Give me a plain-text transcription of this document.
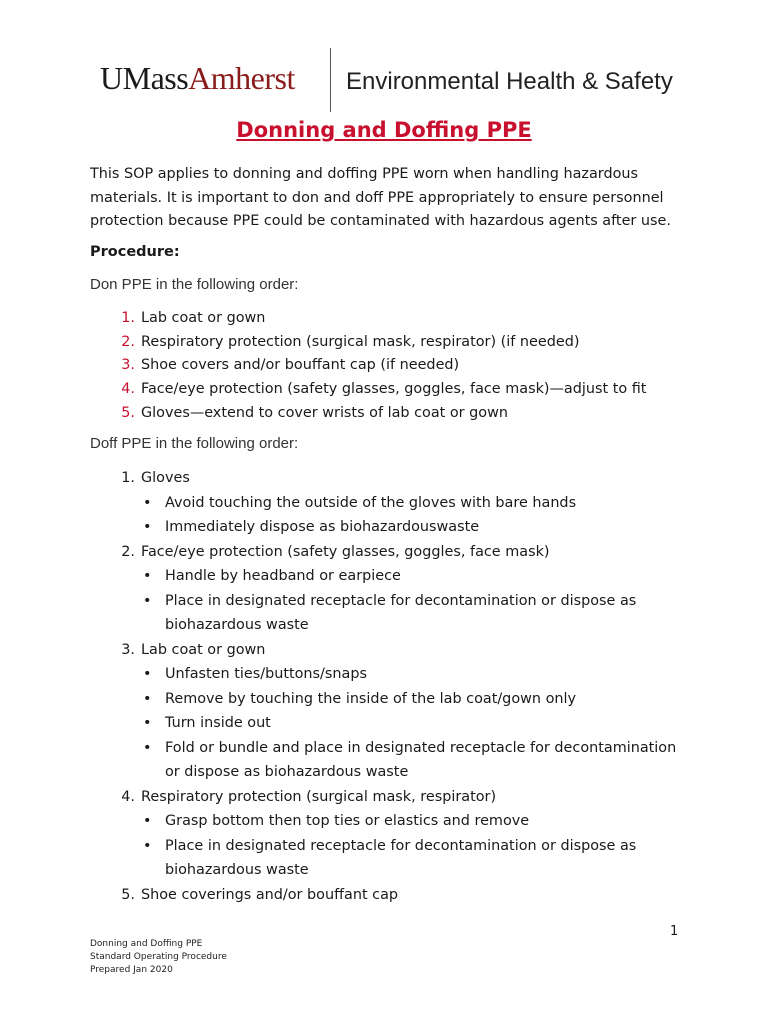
UMassAmherst Environmental Health & Safety
Donning and Doffing PPE
This SOP applies to donning and doffing PPE worn when handling hazardous materials. It is important to don and doff PPE appropriately to ensure personnel protection because PPE could be contaminated with hazardous agents after use.
Procedure:
Don PPE in the following order:
1. Lab coat or gown
2. Respiratory protection (surgical mask, respirator) (if needed)
3. Shoe covers and/or bouffant cap (if needed)
4. Face/eye protection (safety glasses, goggles, face mask)—adjust to fit
5. Gloves—extend to cover wrists of lab coat or gown
Doff PPE in the following order:
1. Gloves
• Avoid touching the outside of the gloves with bare hands
• Immediately dispose as biohazardouswaste
2. Face/eye protection (safety glasses, goggles, face mask)
• Handle by headband or earpiece
• Place in designated receptacle for decontamination or dispose as biohazardous waste
3. Lab coat or gown
• Unfasten ties/buttons/snaps
• Remove by touching the inside of the lab coat/gown only
• Turn inside out
• Fold or bundle and place in designated receptacle for decontamination or dispose as biohazardous waste
4. Respiratory protection (surgical mask, respirator)
• Grasp bottom then top ties or elastics and remove
• Place in designated receptacle for decontamination or dispose as biohazardous waste
5. Shoe coverings and/or bouffant cap
1
Donning and Doffing PPE
Standard Operating Procedure
Prepared Jan 2020
